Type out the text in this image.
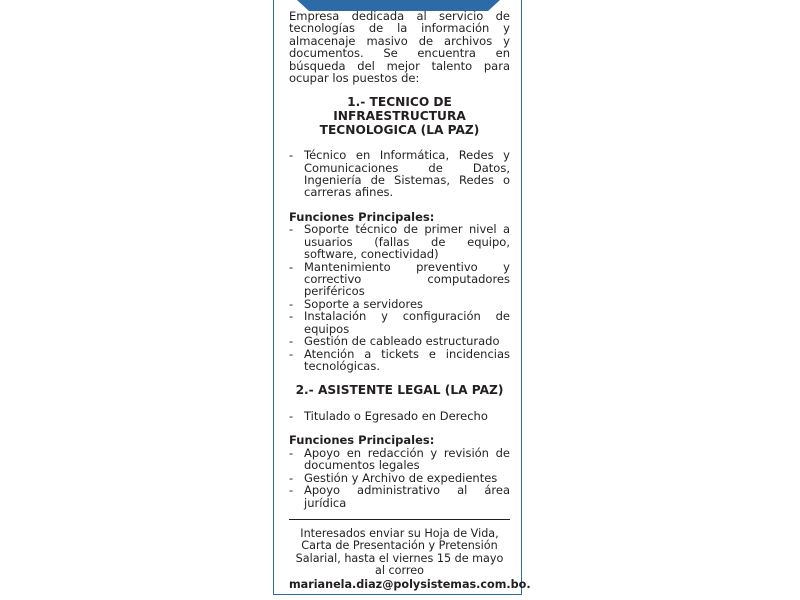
Empresa dedicada al servicio de tecnologías de la información y almacenaje masivo de archivos y documentos. Se encuentra en búsqueda del mejor talento para ocupar los puestos de:

1.- TECNICO DE INFRAESTRUCTURA TECNOLOGICA (LA PAZ)

- Técnico en Informática, Redes y Comunicaciones de Datos, Ingeniería de Sistemas, Redes o carreras afines.

Funciones Principales:

- Soporte técnico de primer nivel a usuarios (fallas de equipo, software, conectividad)
- Mantenimiento preventivo y correctivo computadores periféricos
- Soporte a servidores
- Instalación y configuración de equipos
- Gestión de cableado estructurado
- Atención a tickets e incidencias tecnológicas.

2.- ASISTENTE LEGAL (LA PAZ)

- Titulado o Egresado en Derecho

Funciones Principales:

- Apoyo en redacción y revisión de documentos legales
- Gestión y Archivo de expedientes
- Apoyo administrativo al área jurídica

Interesados enviar su Hoja de Vida, Carta de Presentación y Pretensión Salarial, hasta el viernes 15 de mayo al correo

marianela.diaz@polysistemas.com.bo.
